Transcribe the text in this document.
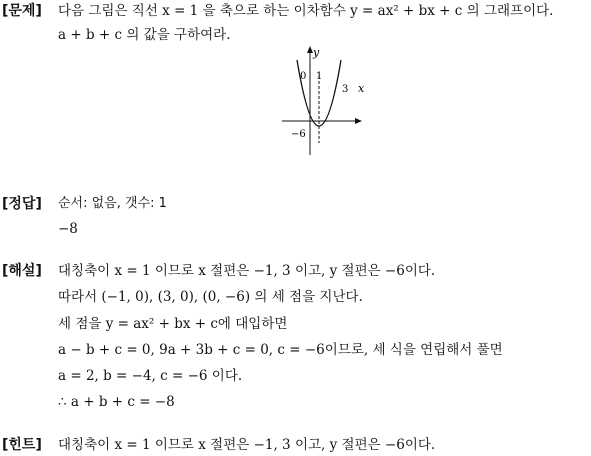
[문제] 다음 그림은 직선 x = 1 을 축으로 하는 이차함수 y = ax² + bx + c 의 그래프이다.
a + b + c 의 값을 구하여라.
y
x
0 1
3
−6
[정답] 순서: 없음, 갯수: 1
−8
[해설] 대칭축이 x = 1 이므로 x 절편은 −1, 3 이고, y 절편은 −6이다.
따라서 (−1, 0), (3, 0), (0, −6) 의 세 점을 지난다.
세 점을 y = ax² + bx + c에 대입하면
a − b + c = 0, 9a + 3b + c = 0, c = −6이므로, 세 식을 연립해서 풀면
a = 2, b = −4, c = −6 이다.
∴ a + b + c = −8
[힌트] 대칭축이 x = 1 이므로 x 절편은 −1, 3 이고, y 절편은 −6이다.
